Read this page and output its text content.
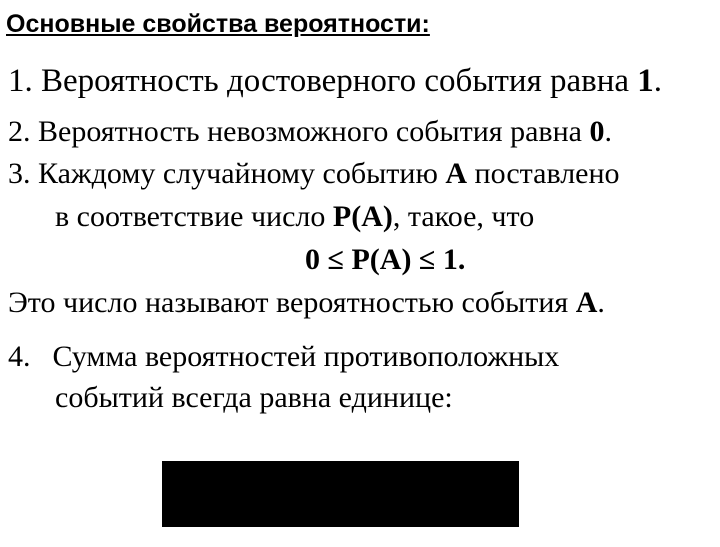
Основные свойства вероятности:
1. Вероятность достоверного события равна 1.
2. Вероятность невозможного события равна 0.
3. Каждому случайному событию А поставлено
в соответствие число Р(А), такое, что
0 ≤ Р(А) ≤ 1.
Это число называют вероятностью события А.
4. Сумма вероятностей противоположных
событий всегда равна единице:
